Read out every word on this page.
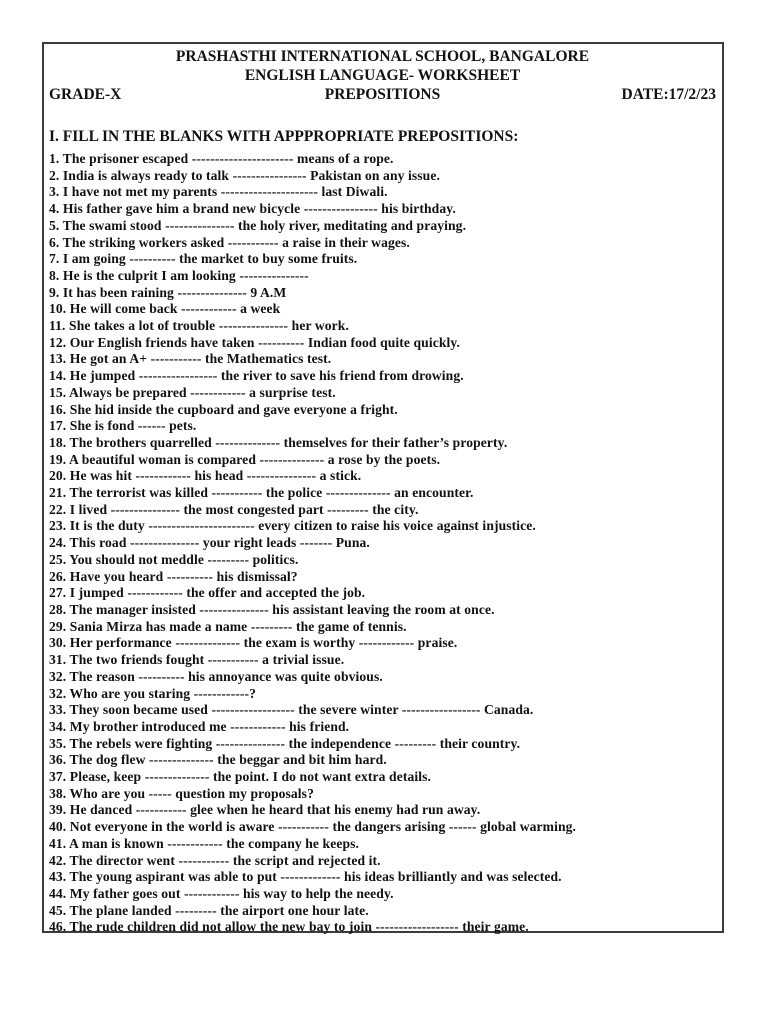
PRASHASTHI INTERNATIONAL SCHOOL, BANGALORE
ENGLISH LANGUAGE- WORKSHEET
GRADE-X	PREPOSITIONS	DATE:17/2/23
I. FILL IN THE BLANKS WITH APPPROPRIATE PREPOSITIONS:
1. The prisoner escaped ---------------------- means of a rope.
2. India is always ready to talk ---------------- Pakistan on any issue.
3. I have not met my parents --------------------- last Diwali.
4. His father gave him a brand new bicycle ---------------- his birthday.
5. The swami stood --------------- the holy river, meditating and praying.
6. The striking workers asked ----------- a raise in their wages.
7. I am going ---------- the market to buy some fruits.
8. He is the culprit I am looking ---------------
9. It has been raining --------------- 9 A.M
10. He will come back ------------ a week
11. She takes a lot of trouble --------------- her work.
12. Our English friends have taken ---------- Indian food quite quickly.
13. He got an A+ ----------- the Mathematics test.
14. He jumped ----------------- the river to save his friend from drowing.
15. Always be prepared ------------ a surprise test.
16. She hid inside the cupboard and gave everyone a fright.
17. She is fond ------ pets.
18. The brothers quarrelled -------------- themselves for their father’s property.
19. A beautiful woman is compared -------------- a rose by the poets.
20. He was hit ------------ his head --------------- a stick.
21. The terrorist was killed ----------- the police -------------- an encounter.
22. I lived --------------- the most congested part --------- the city.
23. It is the duty ----------------------- every citizen to raise his voice against injustice.
24. This road --------------- your right leads ------- Puna.
25. You should not meddle --------- politics.
26. Have you heard ---------- his dismissal?
27. I jumped ------------ the offer and accepted the job.
28. The manager insisted --------------- his assistant leaving the room at once.
29. Sania Mirza has made a name --------- the game of tennis.
30. Her performance -------------- the exam is worthy ------------ praise.
31. The two friends fought ----------- a trivial issue.
32. The reason ---------- his annoyance was quite obvious.
32. Who are you staring ------------?
33. They soon became used ------------------ the severe winter ----------------- Canada.
34. My brother introduced me ------------ his friend.
35. The rebels were fighting --------------- the independence --------- their country.
36. The dog flew -------------- the beggar and bit him hard.
37. Please, keep -------------- the point. I do not want extra details.
38. Who are you ----- question my proposals?
39. He danced ----------- glee when he heard that his enemy had run away.
40. Not everyone in the world is aware ----------- the dangers arising ------ global warming.
41. A man is known ------------ the company he keeps.
42. The director went ----------- the script and rejected it.
43. The young aspirant was able to put ------------- his ideas brilliantly and was selected.
44. My father goes out ------------ his way to help the needy.
45. The plane landed --------- the airport one hour late.
46. The rude children did not allow the new bay to join ------------------ their game.
